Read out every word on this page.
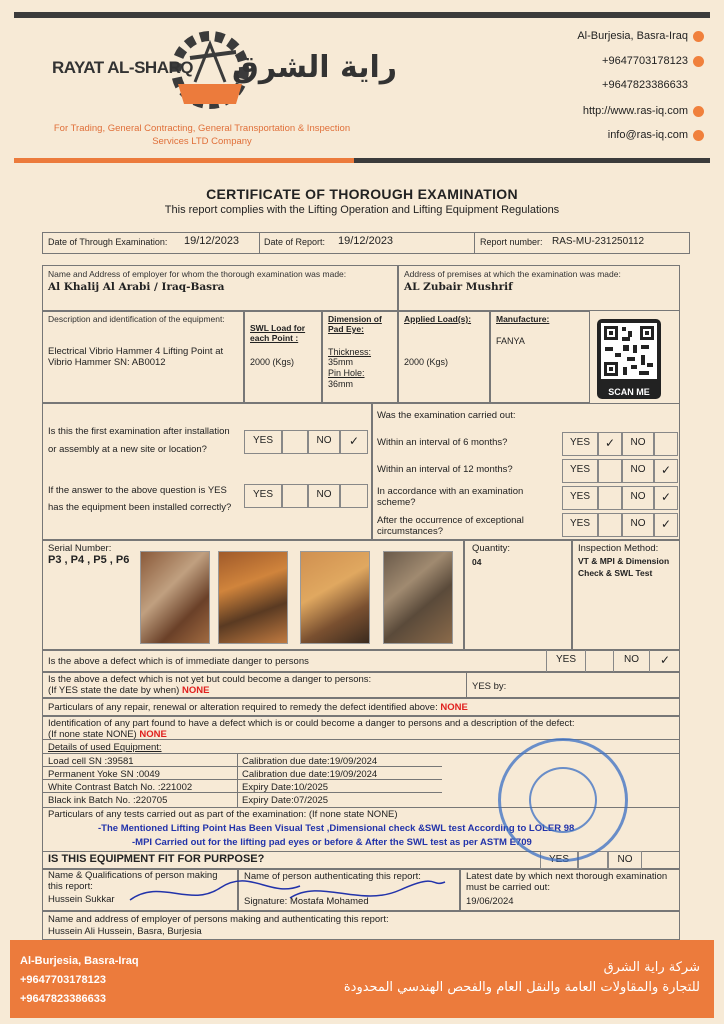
RAYAT AL-SHARQ راية الشرق
For Trading, General Contracting, General Transportation & Inspection Services LTD Company
Al-Burjesia, Basra-Iraq
+9647703178123
+9647823386633
http://www.ras-iq.com
info@ras-iq.com
CERTIFICATE OF THOROUGH EXAMINATION
This report complies with the Lifting Operation and Lifting Equipment Regulations
Date of Through Examination: 19/12/2023	Date of Report: 19/12/2023	Report number: RAS-MU-231250112
Name and Address of employer for whom the thorough examination was made:
Al Khalij Al Arabi / Iraq-Basra
Address of premises at which the examination was made:
AL Zubair Mushrif
Description and identification of the equipment:
Electrical Vibrio Hammer 4 Lifting Point at Vibrio Hammer SN: AB0012
SWL Load for each Point :
2000 (Kgs)
Dimension of Pad Eye:
Thickness:
35mm
Pin Hole:
36mm
Applied Load(s):
2000 (Kgs)
Manufacture:
FANYA
SCAN ME
Is this the first examination after installation or assembly at a new site or location?
YES	NO	✓
If the answer to the above question is YES has the equipment been installed correctly?
YES	NO
Was the examination carried out:
Within an interval of 6 months?	YES	✓	NO
Within an interval of 12 months?	YES	NO	✓
In accordance with an examination scheme?
YES	NO	✓
After the occurrence of exceptional circumstances?
YES	NO	✓
Serial Number:
P3 , P4 , P5 , P6
Quantity:
04
Inspection Method:
VT & MPI & Dimension Check & SWL Test
Is the above a defect which is of immediate danger to persons	YES	NO	✓
Is the above a defect which is not yet but could become a danger to persons:
(If YES state the date by when) NONE	YES by:
Particulars of any repair, renewal or alteration required to remedy the defect identified above: NONE
Identification of any part found to have a defect which is or could become a danger to persons and a description of the defect:
(If none state NONE) NONE
Details of used Equipment:
Load cell SN :39581	Calibration due date:19/09/2024
Permanent Yoke SN :0049	Calibration due date:19/09/2024
White Contrast Batch No. :221002	Expiry Date:10/2025
Black ink Batch No. :220705	Expiry Date:07/2025
Particulars of any tests carried out as part of the examination: (If none state NONE)
-The Mentioned Lifting Point Has Been Visual Test ,Dimensional check &SWL test According to LOLER 98
-MPI Carried out for the lifting pad eyes or before & After the SWL test as per ASTM E709
IS THIS EQUIPMENT FIT FOR PURPOSE?	YES	NO
Name & Qualifications of person making this report:
Hussein Sukkar
Name of person authenticating this report:
Signature: Mostafa Mohamed
Latest date by which next thorough examination must be carried out:
19/06/2024
Name and address of employer of persons making and authenticating this report:
Hussein Ali Hussein, Basra, Burjesia
Al-Burjesia, Basra-Iraq
+9647703178123
+9647823386633
شركة راية الشرق
للتجارة والمقاولات العامة والنقل العام والفحص الهندسي المحدودة
